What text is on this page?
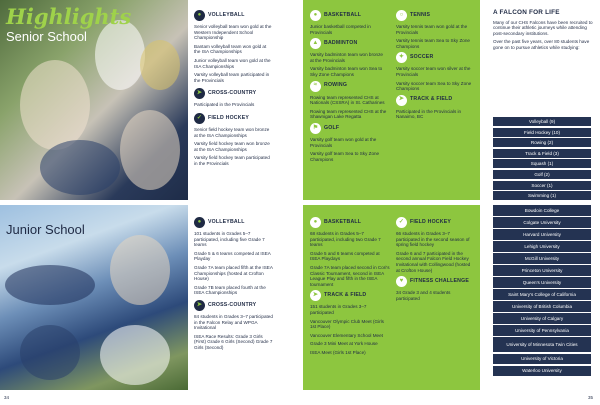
Highlights
Senior School
●	VOLLEYBALL
Senior volleyball team won gold at the Western Independent School Championship
Bantam volleyball team won gold at the ISA Championships
Junior volleyball team won gold at the ISA Championships
Varsity volleyball team participated in the Provincials
➤	CROSS-COUNTRY
Participated in the Provincials
✓	FIELD HOCKEY
Senior field hockey team won bronze at the ISA Championships
Varsity field hockey team won bronze at the ISA Championships
Varsity field hockey team participated in the Provincials
Junior School
●	VOLLEYBALL
101 students in Grades 5–7 participated, including five Grade 7 teams
Grade 5 & 6 teams competed at ISEA Playday
Grade 7A team placed fifth at the ISEA Championships (hosted at Crofton House)
Grade 7B team placed fourth at the ISEA Championships
➤	CROSS-COUNTRY
84 students in Grades 3–7 participated in the Falcon Relay and WPGA Invitational
ISEA Race Results: Grade 3 Girls (First) Grade 6 Girls (Second) Grade 7 Girls (Second)
34
●	BASKETBALL
Junior basketball competed in Provincials
▲	BADMINTON
Varsity badminton team won bronze at the Provincials
Varsity badminton team won Sea to Sky Zone Champions
≈	ROWING
Rowing team represented CHS at Nationals (CSSRA) in St. Catharines
Rowing team represented CHS at the Shawnigan Lake Regatta
⚑	GOLF
Varsity golf team won gold at the Provincials
Varsity golf team Sea to Sky Zone Champions
○	TENNIS
Varsity tennis team won gold at the Provincials
Varsity tennis team Sea to Sky Zone Champions
✦	SOCCER
Varsity soccer team won silver at the Provincials
Varsity soccer team Sea to Sky Zone Champions
➤	TRACK & FIELD
Participated in the Provincials in Nanaimo, BC
●	BASKETBALL
68 students in Grades 5–7 participated, including two Grade 7 teams
Grade 5 and 6 teams competed at ISEA Playdays
Grade 7A team placed second in Cori's Classic Tournament, second in ISEA League Play and fifth in the ISEA tournament
➤	TRACK & FIELD
151 students in Grades 3–7 participated
Vancouver Olympic Club Meet (Girls 1st Place)
Vancouver Elementary School Meet
Grade 3 Mini Meet at York House
ISEA Meet (Girls 1st Place)
✓	FIELD HOCKEY
66 students in Grades 3–7 participated in the second season of spring field hockey
Grade 6 and 7 participated in the second annual Falcon Field Hockey Invitational with Collingwood (hosted at Crofton House)
♥	FITNESS CHALLENGE
34 Grade 3 and 4 students participated
A FALCON FOR LIFE
Many of our CHS Falcons have been recruited to continue their athletic journeys while attending post-secondary institutions.
Over the past five years, over 80 students have gone on to pursue athletics while studying:
Volleyball (9)
Field Hockey (10)
Rowing (2)
Track & Field (3)
Squash (1)
Golf (2)
Soccer (1)
Swimming (1)
Bowdoin College
Colgate University
Harvard University
Lehigh University
McGill University
Princeton University
Queen's University
Saint Mary's College of California
University of British Columbia
University of Calgary
University of Pennsylvania
University of Minnesota Twin Cities
University of Victoria
Waterloo University
35
